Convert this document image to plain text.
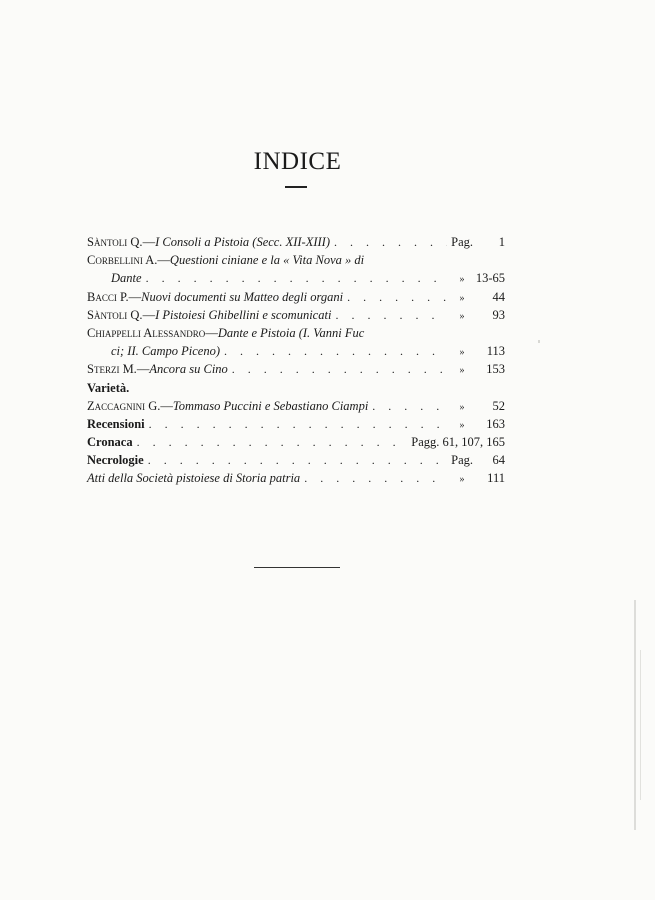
INDICE
Sàntoli Q. — I Consoli a Pistoia (Secc. XII-XIII) . . .	Pag.	1
Corbellini A. — Questioni ciniane e la « Vita Nova » di
Dante . . .	» 13-65
Bacci P. — Nuovi documenti su Matteo degli organi . . .	»	44
Sàntoli Q. — I Pistoiesi Ghibellini e scomunicati . . .	»	93
Chiappelli Alessandro — Dante e Pistoia (I. Vanni Fuc
ci; II. Campo Piceno) . . .	»	113
Sterzi M. — Ancora su Cino . . .	»	153
Varietà.
Zaccagnini G. — Tommaso Puccini e Sebastiano Ciampi . . .	»	52
Recensioni . . .	»	163
Cronaca . . .	Pagg. 61, 107, 165
Necrologie . . .	Pag.	64
Atti della Società pistoiese di Storia patria . . .	»	111
